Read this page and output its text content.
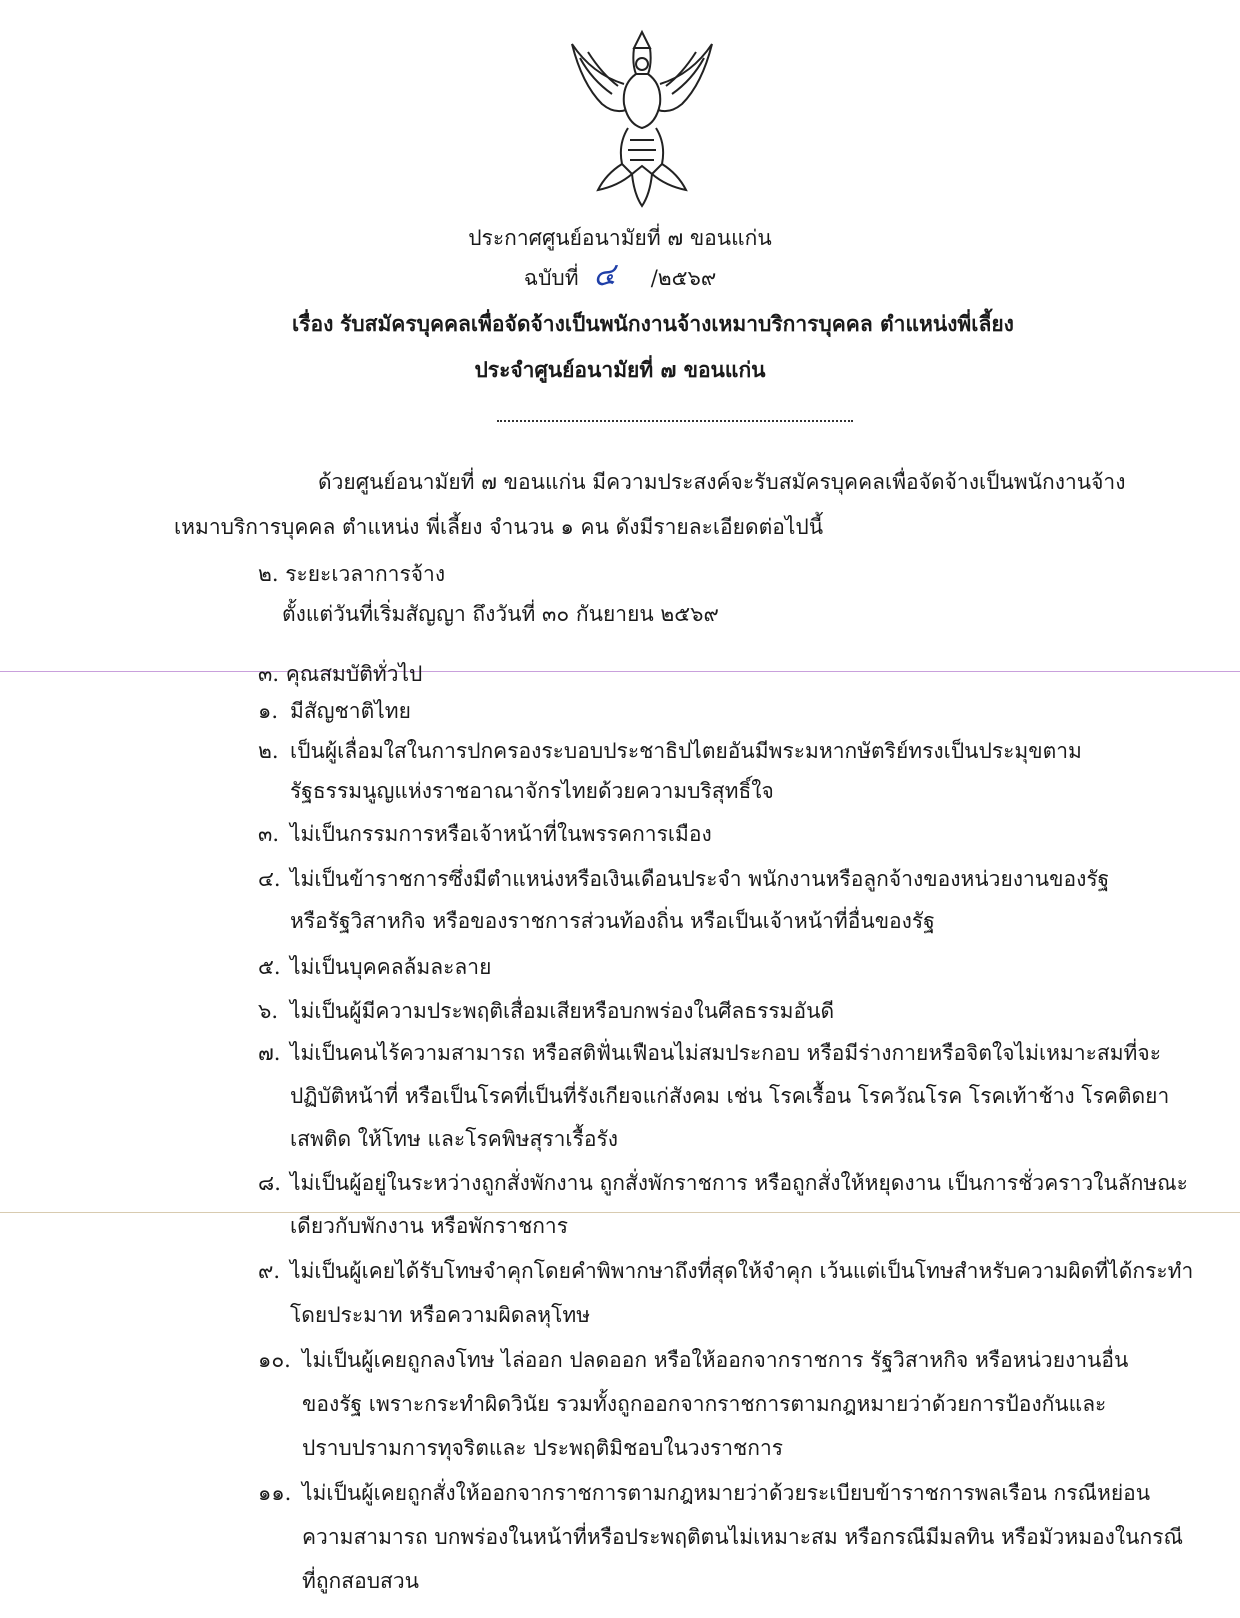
ประกาศศูนย์อนามัยที่ ๗ ขอนแก่น
ฉบับที่ ๔ /๒๕๖๙
เรื่อง รับสมัครบุคคลเพื่อจัดจ้างเป็นพนักงานจ้างเหมาบริการบุคคล ตำแหน่งพี่เลี้ยง
ประจำศูนย์อนามัยที่ ๗ ขอนแก่น
ด้วยศูนย์อนามัยที่ ๗ ขอนแก่น มีความประสงค์จะรับสมัครบุคคลเพื่อจัดจ้างเป็นพนักงานจ้าง
เหมาบริการบุคคล ตำแหน่ง พี่เลี้ยง จำนวน ๑ คน ดังมีรายละเอียดต่อไปนี้
๒. ระยะเวลาการจ้าง
ตั้งแต่วันที่เริ่มสัญญา ถึงวันที่ ๓๐ กันยายน ๒๕๖๙
๓. คุณสมบัติทั่วไป
๑. มีสัญชาติไทย
๒. เป็นผู้เลื่อมใสในการปกครองระบอบประชาธิปไตยอันมีพระมหากษัตริย์ทรงเป็นประมุขตาม
รัฐธรรมนูญแห่งราชอาณาจักรไทยด้วยความบริสุทธิ์ใจ
๓. ไม่เป็นกรรมการหรือเจ้าหน้าที่ในพรรคการเมือง
๔. ไม่เป็นข้าราชการซึ่งมีตำแหน่งหรือเงินเดือนประจำ พนักงานหรือลูกจ้างของหน่วยงานของรัฐ
หรือรัฐวิสาหกิจ หรือของราชการส่วนท้องถิ่น หรือเป็นเจ้าหน้าที่อื่นของรัฐ
๕. ไม่เป็นบุคคลล้มละลาย
๖. ไม่เป็นผู้มีความประพฤติเสื่อมเสียหรือบกพร่องในศีลธรรมอันดี
๗. ไม่เป็นคนไร้ความสามารถ หรือสติฟั่นเฟือนไม่สมประกอบ หรือมีร่างกายหรือจิตใจไม่เหมาะสมที่จะ
ปฏิบัติหน้าที่ หรือเป็นโรคที่เป็นที่รังเกียจแก่สังคม เช่น โรคเรื้อน โรควัณโรค โรคเท้าช้าง โรคติดยา
เสพติด ให้โทษ และโรคพิษสุราเรื้อรัง
๘. ไม่เป็นผู้อยู่ในระหว่างถูกสั่งพักงาน ถูกสั่งพักราชการ หรือถูกสั่งให้หยุดงาน เป็นการชั่วคราวในลักษณะ
เดียวกับพักงาน หรือพักราชการ
๙. ไม่เป็นผู้เคยได้รับโทษจำคุกโดยคำพิพากษาถึงที่สุดให้จำคุก เว้นแต่เป็นโทษสำหรับความผิดที่ได้กระทำ
โดยประมาท หรือความผิดลหุโทษ
๑๐. ไม่เป็นผู้เคยถูกลงโทษ ไล่ออก ปลดออก หรือให้ออกจากราชการ รัฐวิสาหกิจ หรือหน่วยงานอื่น
ของรัฐ เพราะกระทำผิดวินัย รวมทั้งถูกออกจากราชการตามกฎหมายว่าด้วยการป้องกันและ
ปราบปรามการทุจริตและ ประพฤติมิชอบในวงราชการ
๑๑. ไม่เป็นผู้เคยถูกสั่งให้ออกจากราชการตามกฎหมายว่าด้วยระเบียบข้าราชการพลเรือน กรณีหย่อน
ความสามารถ บกพร่องในหน้าที่หรือประพฤติตนไม่เหมาะสม หรือกรณีมีมลทิน หรือมัวหมองในกรณี
ที่ถูกสอบสวน
